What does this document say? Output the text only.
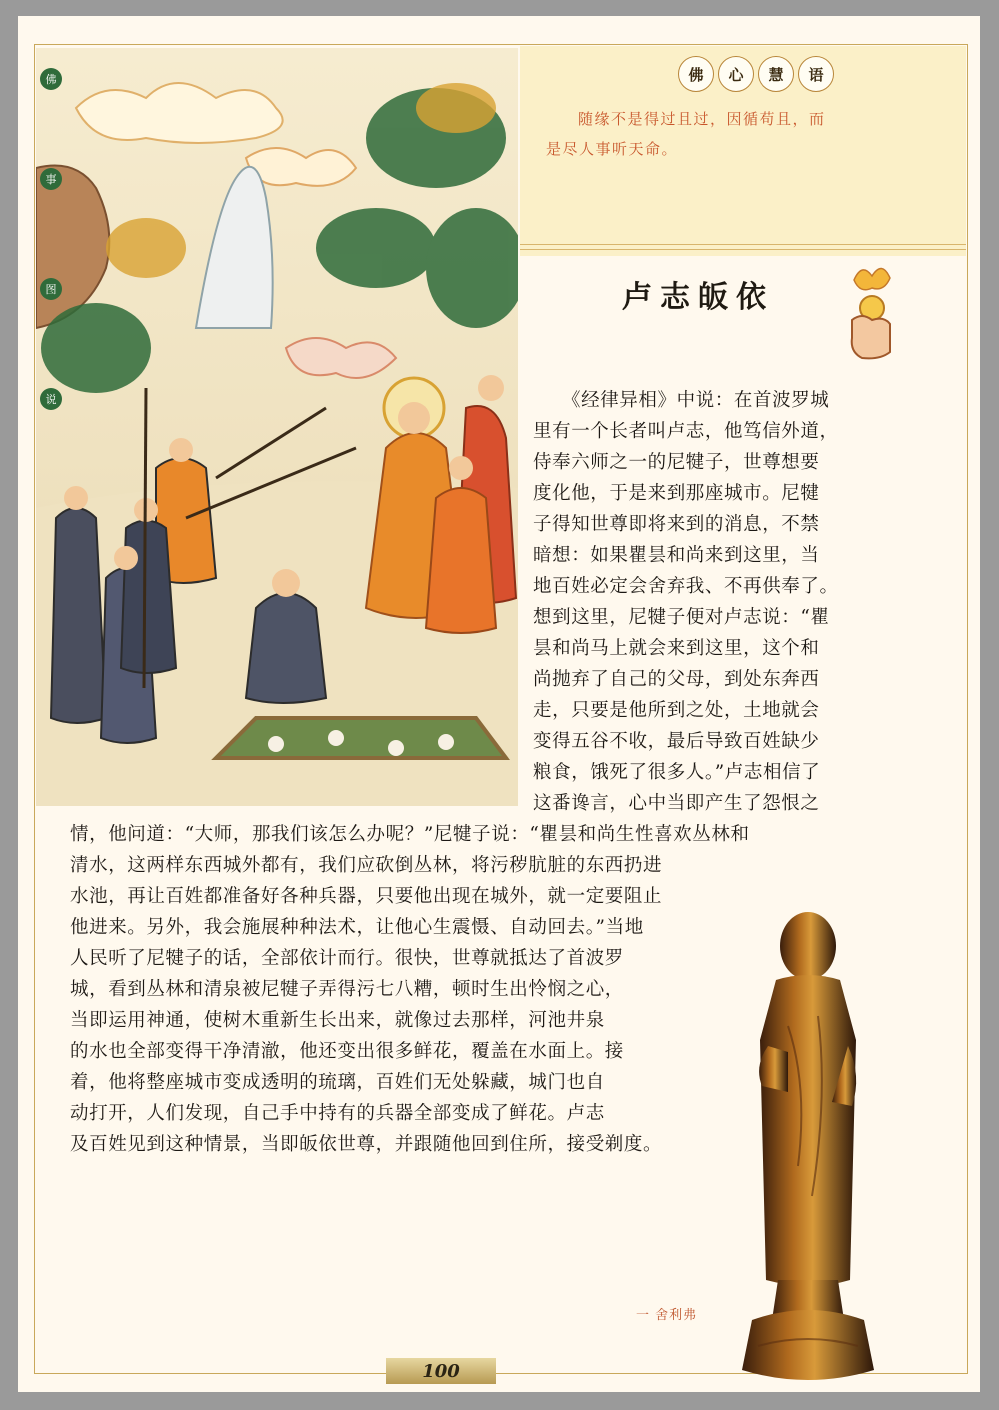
佛	心	慧	语
随缘不是得过且过，因循苟且，而
是尽人事听天命。
佛
事
图
说
卢志皈依
《经律异相》中说：在首波罗城
里有一个长者叫卢志，他笃信外道，
侍奉六师之一的尼犍子，世尊想要
度化他，于是来到那座城市。尼犍
子得知世尊即将来到的消息，不禁
暗想：如果瞿昙和尚来到这里，当
地百姓必定会舍弃我、不再供奉了。
想到这里，尼犍子便对卢志说：“瞿
昙和尚马上就会来到这里，这个和
尚抛弃了自己的父母，到处东奔西
走，只要是他所到之处，土地就会
变得五谷不收，最后导致百姓缺少
粮食，饿死了很多人。”卢志相信了
这番谗言，心中当即产生了怨恨之
情，他问道：“大师，那我们该怎么办呢？”尼犍子说：“瞿昙和尚生性喜欢丛林和
清水，这两样东西城外都有，我们应砍倒丛林，将污秽肮脏的东西扔进
水池，再让百姓都准备好各种兵器，只要他出现在城外，就一定要阻止
他进来。另外，我会施展种种法术，让他心生震慑、自动回去。”当地
人民听了尼犍子的话，全部依计而行。很快，世尊就抵达了首波罗
城，看到丛林和清泉被尼犍子弄得污七八糟，顿时生出怜悯之心，
当即运用神通，使树木重新生长出来，就像过去那样，河池井泉
的水也全部变得干净清澈，他还变出很多鲜花，覆盖在水面上。接
着，他将整座城市变成透明的琉璃，百姓们无处躲藏，城门也自
动打开，人们发现，自己手中持有的兵器全部变成了鲜花。卢志
及百姓见到这种情景，当即皈依世尊，并跟随他回到住所，接受剃度。
一 舍利弗
100
